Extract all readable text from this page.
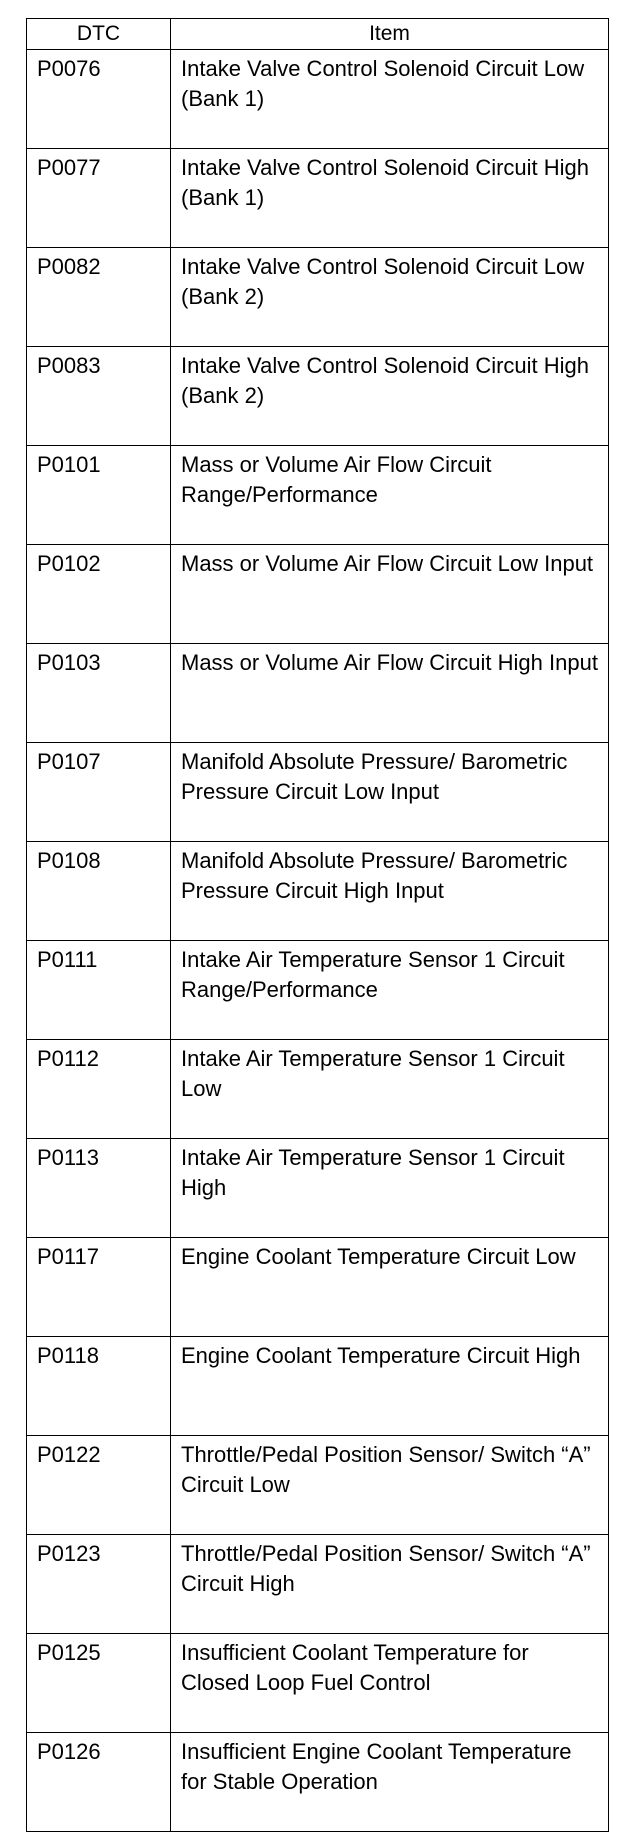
DTC	Item
P0076	Intake Valve Control Solenoid Circuit Low (Bank 1)
P0077	Intake Valve Control Solenoid Circuit High (Bank 1)
P0082	Intake Valve Control Solenoid Circuit Low (Bank 2)
P0083	Intake Valve Control Solenoid Circuit High (Bank 2)
P0101	Mass or Volume Air Flow Circuit Range/Performance
P0102	Mass or Volume Air Flow Circuit Low Input
P0103	Mass or Volume Air Flow Circuit High Input
P0107	Manifold Absolute Pressure/ Barometric Pressure Circuit Low Input
P0108	Manifold Absolute Pressure/ Barometric Pressure Circuit High Input
P0111	Intake Air Temperature Sensor 1 Circuit Range/Performance
P0112	Intake Air Temperature Sensor 1 Circuit Low
P0113	Intake Air Temperature Sensor 1 Circuit High
P0117	Engine Coolant Temperature Circuit Low
P0118	Engine Coolant Temperature Circuit High
P0122	Throttle/Pedal Position Sensor/ Switch “A” Circuit Low
P0123	Throttle/Pedal Position Sensor/ Switch “A” Circuit High
P0125	Insufficient Coolant Temperature for Closed Loop Fuel Control
P0126	Insufficient Engine Coolant Temperature for Stable Operation
